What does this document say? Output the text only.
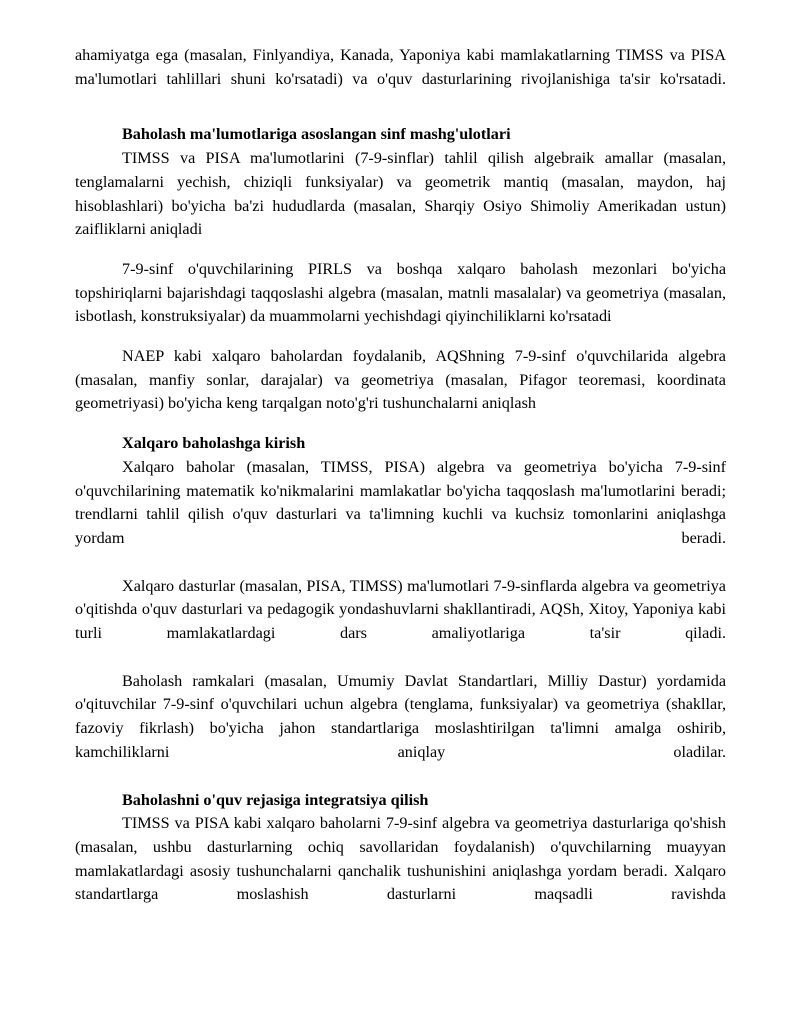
ahamiyatga ega (masalan, Finlyandiya, Kanada, Yaponiya kabi mamlakatlarning TIMSS va PISA ma'lumotlari tahlillari shuni ko'rsatadi) va o'quv dasturlarining rivojlanishiga ta'sir ko'rsatadi.

Baholash ma'lumotlariga asoslangan sinf mashg'ulotlari

TIMSS va PISA ma'lumotlarini (7-9-sinflar) tahlil qilish algebraik amallar (masalan, tenglamalarni yechish, chiziqli funksiyalar) va geometrik mantiq (masalan, maydon, haj hisoblashlari) bo'yicha ba'zi hududlarda (masalan, Sharqiy Osiyo Shimoliy Amerikadan ustun) zaifliklarni aniqladi

7-9-sinf o'quvchilarining PIRLS va boshqa xalqaro baholash mezonlari bo'yicha topshiriqlarni bajarishdagi taqqoslashi algebra (masalan, matnli masalalar) va geometriya (masalan, isbotlash, konstruksiyalar) da muammolarni yechishdagi qiyinchiliklarni ko'rsatadi

NAEP kabi xalqaro baholardan foydalanib, AQShning 7-9-sinf o'quvchilarida algebra (masalan, manfiy sonlar, darajalar) va geometriya (masalan, Pifagor teoremasi, koordinata geometriyasi) bo'yicha keng tarqalgan noto'g'ri tushunchalarni aniqlash

Xalqaro baholashga kirish

Xalqaro baholar (masalan, TIMSS, PISA) algebra va geometriya bo'yicha 7-9-sinf o'quvchilarining matematik ko'nikmalarini mamlakatlar bo'yicha taqqoslash ma'lumotlarini beradi; trendlarni tahlil qilish o'quv dasturlari va ta'limning kuchli va kuchsiz tomonlarini aniqlashga yordam beradi.

Xalqaro dasturlar (masalan, PISA, TIMSS) ma'lumotlari 7-9-sinflarda algebra va geometriya o'qitishda o'quv dasturlari va pedagogik yondashuvlarni shakllantiradi, AQSh, Xitoy, Yaponiya kabi turli mamlakatlardagi dars amaliyotlariga ta'sir qiladi.

Baholash ramkalari (masalan, Umumiy Davlat Standartlari, Milliy Dastur) yordamida o'qituvchilar 7-9-sinf o'quvchilari uchun algebra (tenglama, funksiyalar) va geometriya (shakllar, fazoviy fikrlash) bo'yicha jahon standartlariga moslashtirilgan ta'limni amalga oshirib, kamchiliklarni aniqlay oladilar.

Baholashni o'quv rejasiga integratsiya qilish

TIMSS va PISA kabi xalqaro baholarni 7-9-sinf algebra va geometriya dasturlariga qo'shish (masalan, ushbu dasturlarning ochiq savollaridan foydalanish) o'quvchilarning muayyan mamlakatlardagi asosiy tushunchalarni qanchalik tushunishini aniqlashga yordam beradi. Xalqaro standartlarga moslashish dasturlarni maqsadli ravishda
